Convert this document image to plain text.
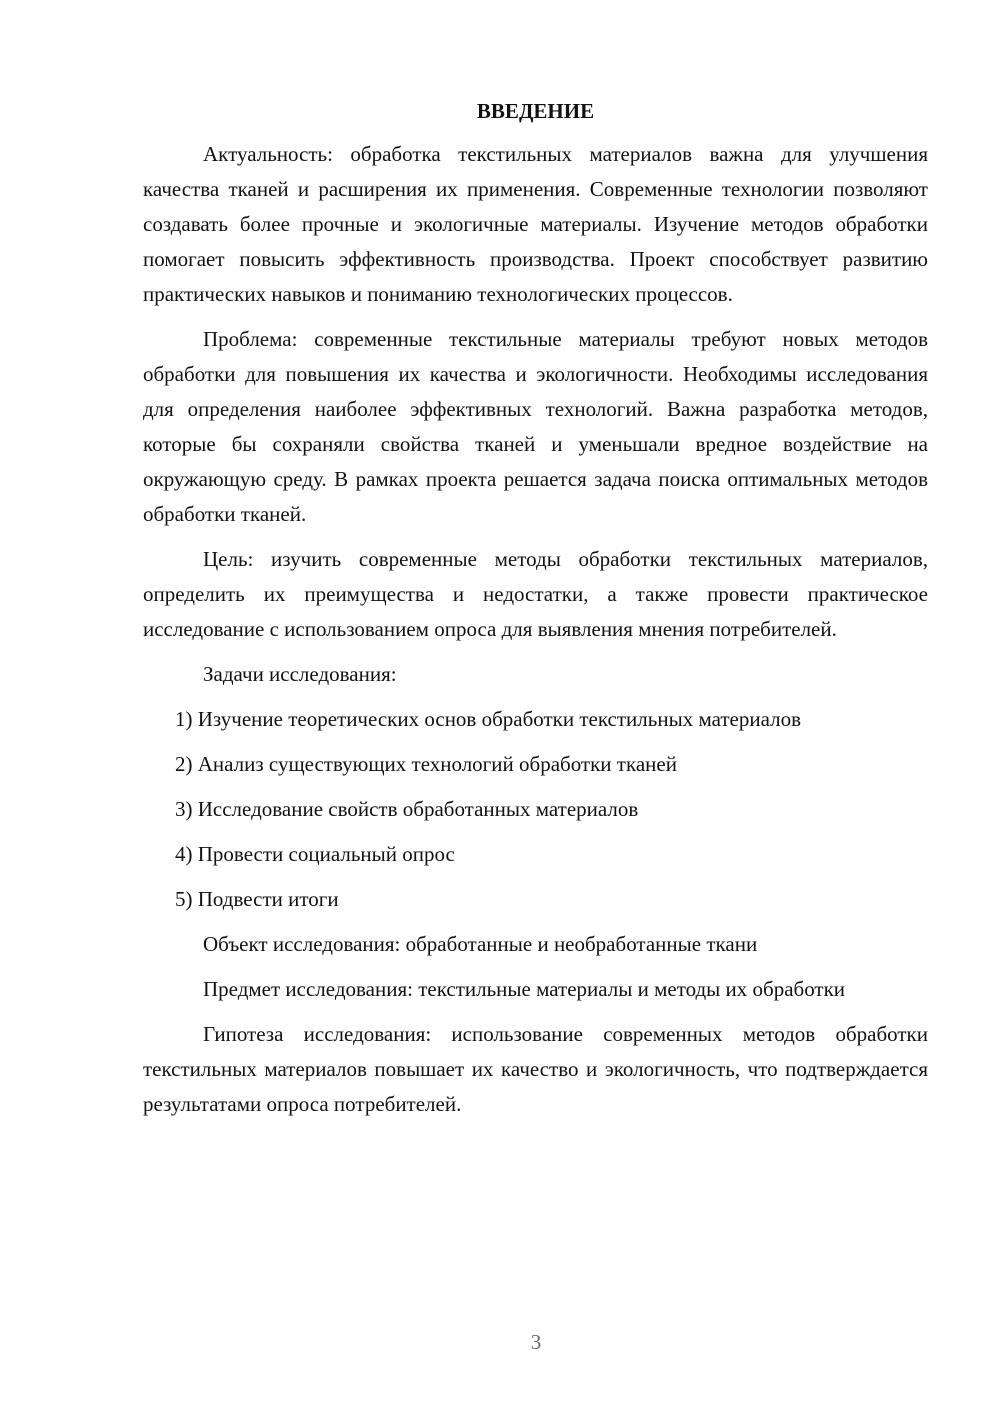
ВВЕДЕНИЕ

Актуальность: обработка текстильных материалов важна для улучшения качества тканей и расширения их применения. Современные технологии позволяют создавать более прочные и экологичные материалы. Изучение методов обработки помогает повысить эффективность производства. Проект способствует развитию практических навыков и пониманию технологических процессов.

Проблема: современные текстильные материалы требуют новых методов обработки для повышения их качества и экологичности. Необходимы исследования для определения наиболее эффективных технологий. Важна разработка методов, которые бы сохраняли свойства тканей и уменьшали вредное воздействие на окружающую среду. В рамках проекта решается задача поиска оптимальных методов обработки тканей.

Цель: изучить современные методы обработки текстильных материалов, определить их преимущества и недостатки, а также провести практическое исследование с использованием опроса для выявления мнения потребителей.

Задачи исследования:

1) Изучение теоретических основ обработки текстильных материалов
2) Анализ существующих технологий обработки тканей
3) Исследование свойств обработанных материалов
4) Провести социальный опрос
5) Подвести итоги

Объект исследования: обработанные и необработанные ткани

Предмет исследования: текстильные материалы и методы их обработки

Гипотеза исследования: использование современных методов обработки текстильных материалов повышает их качество и экологичность, что подтверждается результатами опроса потребителей.

3
